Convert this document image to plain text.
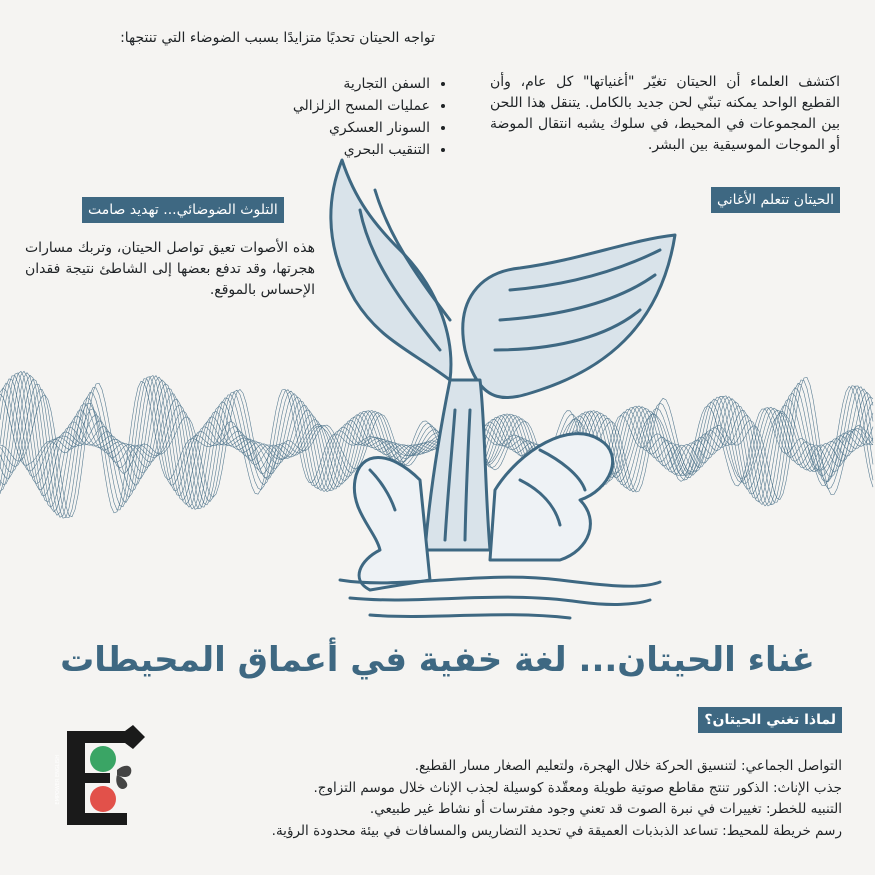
اكتشف العلماء أن الحيتان تغيّر "أغنياتها" كل عام، وأن القطيع الواحد يمكنه تبنّي لحن جديد بالكامل. يتنقل هذا اللحن بين المجموعات في المحيط، في سلوك يشبه انتقال الموضة أو الموجات الموسيقية بين البشر.
الحيتان تتعلم الأغاني
تواجه الحيتان تحديًا متزايدًا بسبب الضوضاء التي تنتجها:
• السفن التجارية
• عمليات المسح الزلزالي
• السونار العسكري
• التنقيب البحري
التلوث الضوضائي... تهديد صامت
هذه الأصوات تعيق تواصل الحيتان، وتربك مسارات هجرتها، وقد تدفع بعضها إلى الشاطئ نتيجة فقدان الإحساس بالموقع.
غناء الحيتان... لغة خفية في أعماق المحيطات
لماذا تغني الحيتان؟
التواصل الجماعي: لتنسيق الحركة خلال الهجرة، ولتعليم الصغار مسار القطيع.
جذب الإناث: الذكور تنتج مقاطع صوتية طويلة ومعقّدة كوسيلة لجذب الإناث خلال موسم التزاوج.
التنبيه للخطر: تغييرات في نبرة الصوت قد تعني وجود مفترسات أو نشاط غير طبيعي.
رسم خريطة للمحيط: تساعد الذبذبات العميقة في تحديد التضاريس والمسافات في بيئة محدودة الرؤية.
EMPOWER ENGLISH
